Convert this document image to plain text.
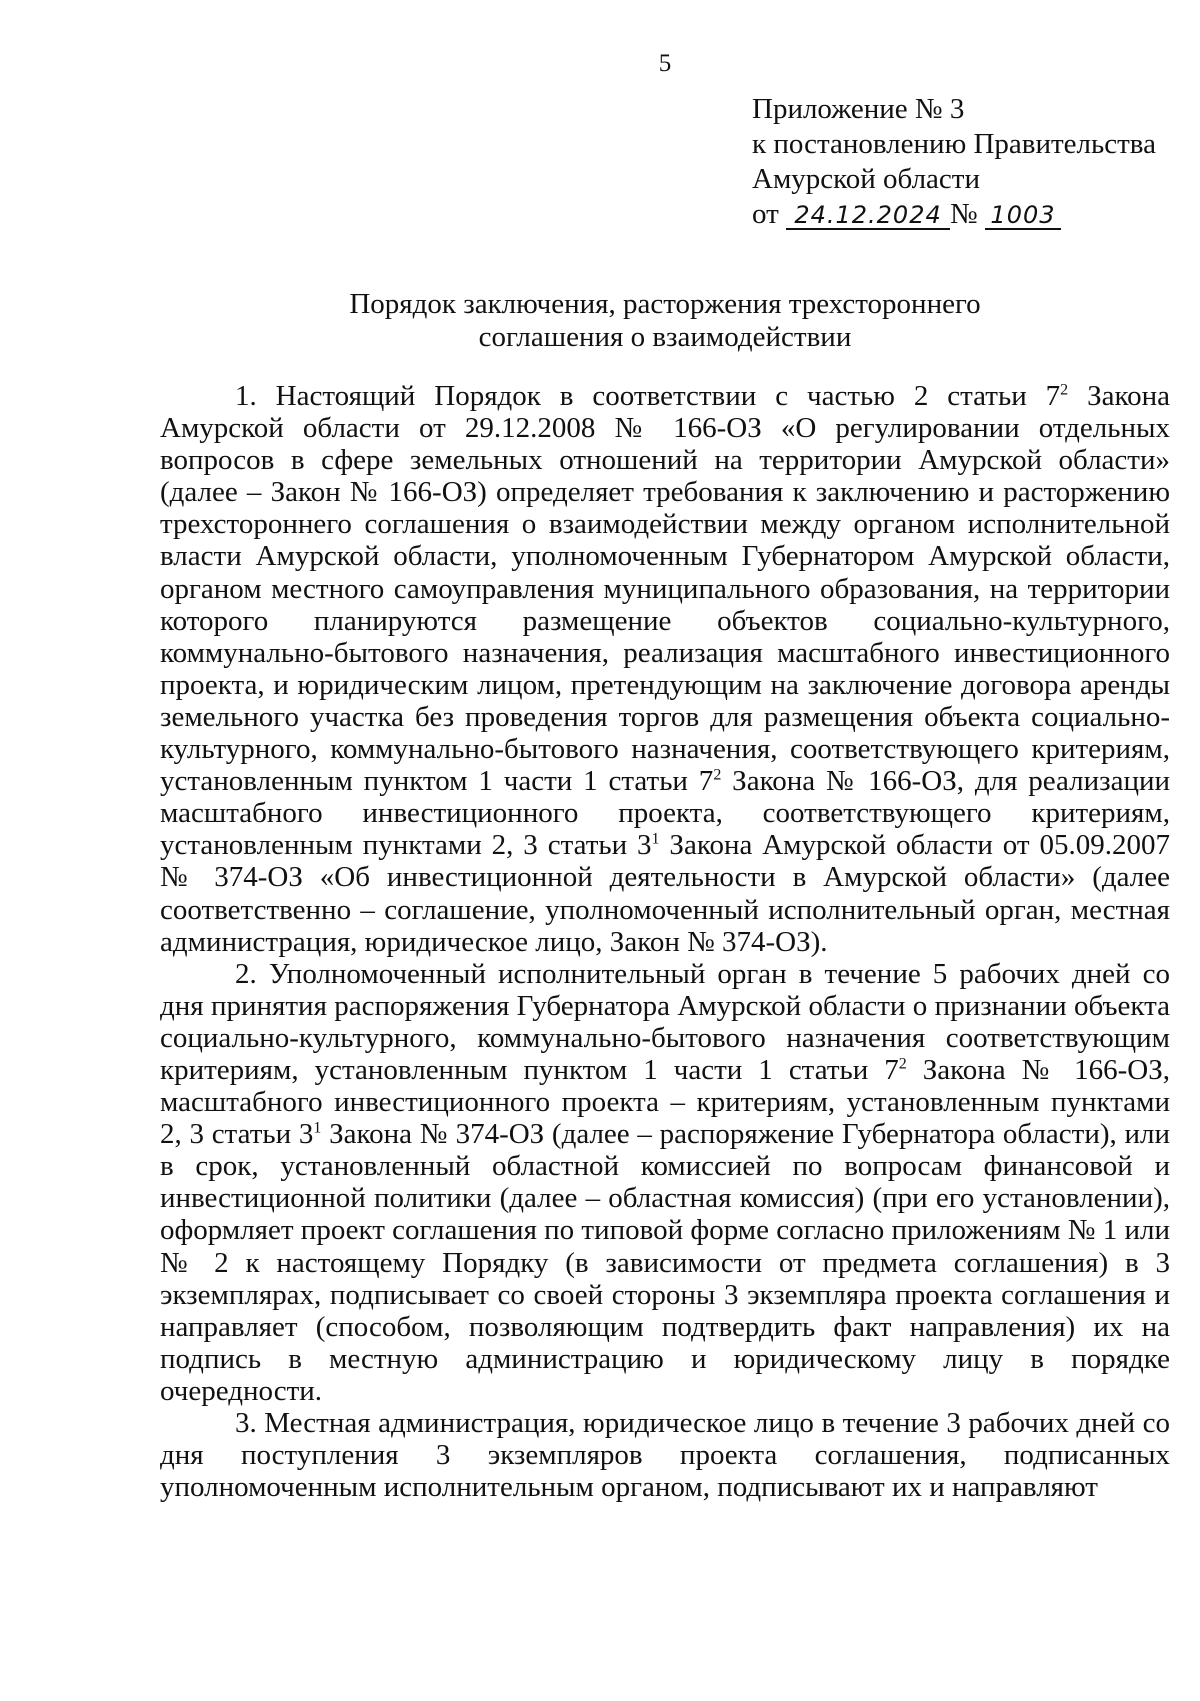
5
Приложение № 3
к постановлению Правительства
Амурской области
от 24.12.2024 № 1003
Порядок заключения, расторжения трехстороннего
соглашения о взаимодействии

1. Настоящий Порядок в соответствии с частью 2 статьи $7^2$ Закона Амурской области от 29.12.2008 № 166-ОЗ «О регулировании отдельных вопросов в сфере земельных отношений на территории Амурской области» (далее – Закон № 166-ОЗ) определяет требования к заключению и расторжению трехстороннего соглашения о взаимодействии между органом исполнительной власти Амурской области, уполномоченным Губернатором Амурской области, органом местного самоуправления муниципального образования, на территории которого планируются размещение объектов социально-культурного, коммунально-бытового назначения, реализация масштабного инвестиционного проекта, и юридическим лицом, претендующим на заключение договора аренды земельного участка без проведения торгов для размещения объекта социально-культурного, коммунально-бытового назначения, соответствующего критериям, установленным пунктом 1 части 1 статьи $7^2$ Закона № 166-ОЗ, для реализации масштабного инвестиционного проекта, соответствующего критериям, установленным пунктами 2, 3 статьи $3^1$ Закона Амурской области от 05.09.2007 № 374-ОЗ «Об инвестиционной деятельности в Амурской области» (далее соответственно – соглашение, уполномоченный исполнительный орган, местная администрация, юридическое лицо, Закон № 374-ОЗ).

2. Уполномоченный исполнительный орган в течение 5 рабочих дней со дня принятия распоряжения Губернатора Амурской области о признании объекта социально-культурного, коммунально-бытового назначения соответствующим критериям, установленным пунктом 1 части 1 статьи $7^2$ Закона № 166-ОЗ, масштабного инвестиционного проекта – критериям, установленным пунктами 2, 3 статьи $3^1$ Закона № 374-ОЗ (далее – распоряжение Губернатора области), или в срок, установленный областной комиссией по вопросам финансовой и инвестиционной политики (далее – областная комиссия) (при его установлении), оформляет проект соглашения по типовой форме согласно приложениям № 1 или № 2 к настоящему Порядку (в зависимости от предмета соглашения) в 3 экземплярах, подписывает со своей стороны 3 экземпляра проекта соглашения и направляет (способом, позволяющим подтвердить факт направления) их на подпись в местную администрацию и юридическому лицу в порядке очередности.

3. Местная администрация, юридическое лицо в течение 3 рабочих дней со дня поступления 3 экземпляров проекта соглашения, подписанных уполномоченным исполнительным органом, подписывают их и направляют
